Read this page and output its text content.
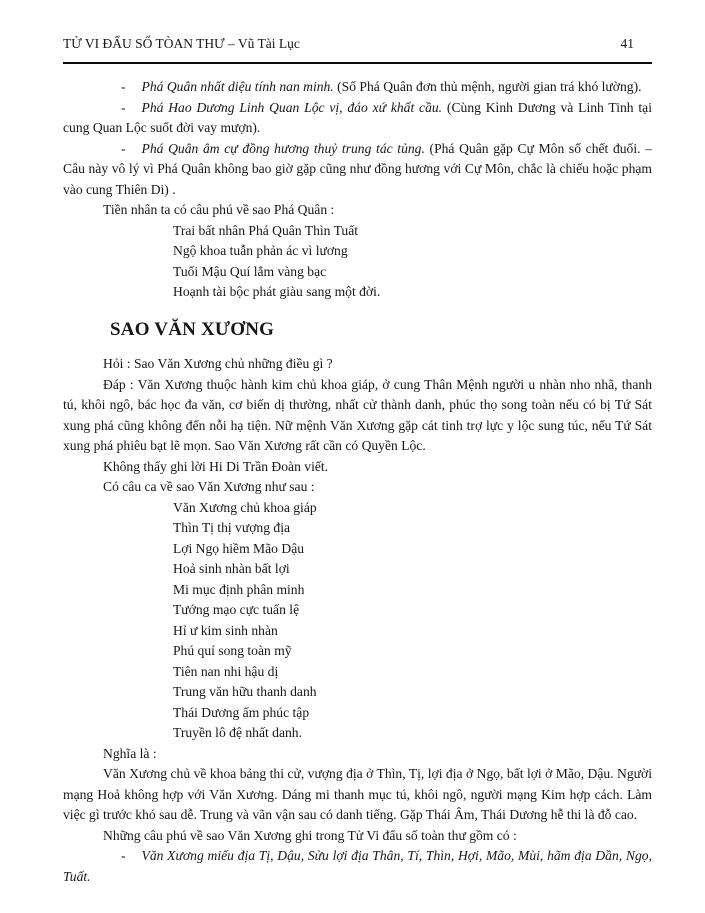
TỬ VI ĐẨU SỐ TÒAN THƯ – Vũ Tài Lục	41

- Phá Quân nhất diệu tính nan minh. (Số Phá Quân đơn thủ mệnh, người gian trá khó lường).

- Phá Hao Dương Linh Quan Lộc vị, đáo xứ khất cầu. (Cùng Kình Dương và Linh Tinh tại cung Quan Lộc suốt đời vay mượn).

- Phá Quân âm cự đồng hương thuỷ trung tác tủng. (Phá Quân gặp Cự Môn số chết đuối. – Câu này vô lý vì Phá Quân không bao giờ gặp cũng như đồng hương với Cự Môn, chắc là chiếu hoặc phạm vào cung Thiên Di) .

Tiền nhân ta có câu phú về sao Phá Quân :

Trai bất nhân Phá Quân Thìn Tuất
Ngộ khoa tuẫn phản ác vì lương
Tuổi Mậu Quí lắm vàng bạc
Hoạnh tài bộc phát giàu sang một đời.
SAO VĂN XƯƠNG

Hỏi : Sao Văn Xương chủ những điều gì ?

Đáp : Văn Xương thuộc hành kim chủ khoa giáp, ở cung Thân Mệnh người u nhàn nho nhã, thanh tú, khôi ngô, bác học đa văn, cơ biến dị thường, nhất cử thành danh, phúc thọ song toàn nếu có bị Tứ Sát xung phá cũng không đến nỗi hạ tiện. Nữ mệnh Văn Xương gặp cát tinh trợ lực y lộc sung túc, nếu Tứ Sát xung phá phiêu bạt lẽ mọn. Sao Văn Xương rất cần có Quyền Lộc.

Không thấy ghi lời Hi Di Trần Đoàn viết.

Có câu ca về sao Văn Xương như sau :

Văn Xương chủ khoa giáp
Thìn Tị thị vượng địa
Lợi Ngọ hiềm Mão Dậu
Hoả sinh nhàn bất lợi
Mi mục định phân minh
Tướng mạo cực tuấn lệ
Hỉ ư kim sinh nhàn
Phú quí song toàn mỹ
Tiên nan nhi hậu dị
Trung văn hữu thanh danh
Thái Dương ấm phúc tập
Truyền lô đệ nhất danh.

Nghĩa là :

Văn Xương chủ về khoa bảng thi cử, vượng địa ở Thìn, Tị, lợi địa ở Ngọ, bất lợi ở Mão, Dậu. Người mạng Hoả không hợp với Văn Xương. Dáng mi thanh mục tú, khôi ngô, người mạng Kim hợp cách. Làm việc gì trước khó sau dễ. Trung và vãn vận sau có danh tiếng. Gặp Thái Âm, Thái Dương hễ thi là đỗ cao.

Những câu phú về sao Văn Xương ghi trong Tử Vi đẩu số toàn thư gồm có :

- Văn Xương miếu địa Tị, Dậu, Sửu lợi địa Thân, Tí, Thìn, Hợi, Mão, Mùi, hãm địa Dần, Ngọ, Tuất.
